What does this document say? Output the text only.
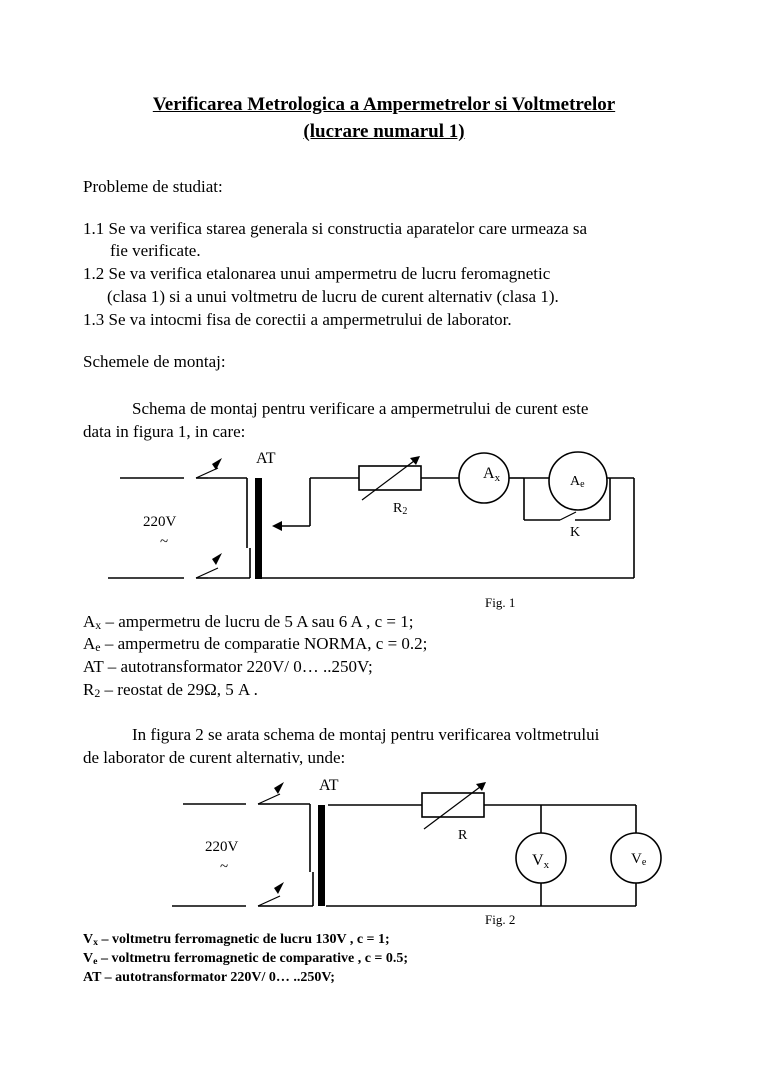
Verificarea Metrologica a Ampermetrelor si Voltmetrelor
(lucrare numarul 1)
Probleme de studiat:
1.1 Se va verifica starea generala si constructia aparatelor care urmeaza sa
fie verificate.
1.2 Se va verifica etalonarea unui ampermetru de lucru feromagnetic
(clasa 1) si a unui voltmetru de lucru de curent alternativ (clasa 1).
1.3 Se va intocmi fisa de corectii a ampermetrului de laborator.
Schemele de montaj:
Schema de montaj pentru verificare a ampermetrului de curent este
data in figura 1, in care:
AT
220V
~
R2
Ax	Ae
K
Fig. 1
$A_x$ – ampermetru de lucru de 5 A sau 6 A , c = 1;
$A_e$ – ampermetru de comparatie NORMA, c = 0.2;
AT – autotransformator 220V/ 0… ..250V;
$R_2$ – reostat de 29Ω, 5 A .
In figura 2 se arata schema de montaj pentru verificarea voltmetrului
de laborator de curent alternativ, unde:
AT
220V
~
R
Vx	Ve
Fig. 2
$V_x$ – voltmetru ferromagnetic de lucru 130V , c = 1;
$V_e$ – voltmetru ferromagnetic de comparative , c = 0.5;
AT – autotransformator 220V/ 0… ..250V;
